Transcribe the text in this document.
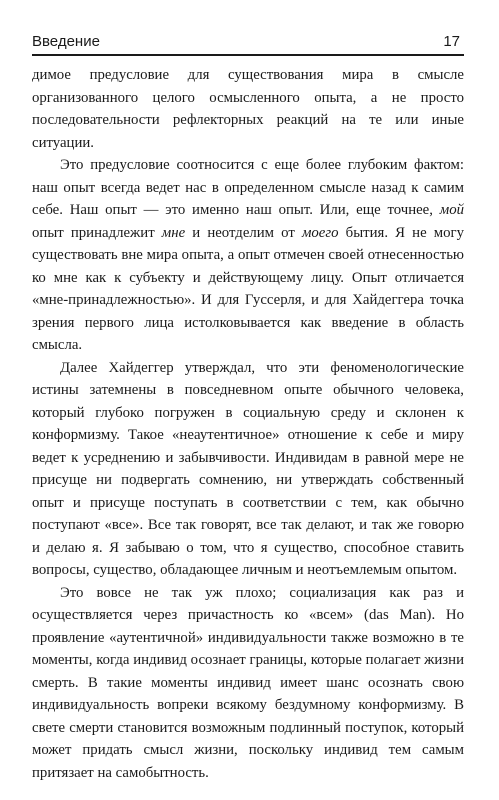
Введение	17

димое предусловие для существования мира в смысле организованного целого осмысленного опыта, а не просто последовательности рефлекторных реакций на те или иные ситуации.

Это предусловие соотносится с еще более глубоким фактом: наш опыт всегда ведет нас в определенном смысле назад к самим себе. Наш опыт — это именно наш опыт. Или, еще точнее, мой опыт принадлежит мне и неотделим от моего бытия. Я не могу существовать вне мира опыта, а опыт отмечен своей отнесенностью ко мне как к субъекту и действующему лицу. Опыт отличается «мне-принадлежностью». И для Гуссерля, и для Хайдеггера точка зрения первого лица истолковывается как введение в область смысла.

Далее Хайдеггер утверждал, что эти феноменологические истины затемнены в повседневном опыте обычного человека, который глубоко погружен в социальную среду и склонен к конформизму. Такое «неаутентичное» отношение к себе и миру ведет к усреднению и забывчивости. Индивидам в равной мере не присуще ни подвергать сомнению, ни утверждать собственный опыт и присуще поступать в соответствии с тем, как обычно поступают «все». Все так говорят, все так делают, и так же говорю и делаю я. Я забываю о том, что я существо, способное ставить вопросы, существо, обладающее личным и неотъемлемым опытом.

Это вовсе не так уж плохо; социализация как раз и осуществляется через причастность ко «всем» (das Man). Но проявление «аутентичной» индивидуальности также возможно в те моменты, когда индивид осознает границы, которые полагает жизни смерть. В такие моменты индивид имеет шанс осознать свою индивидуальность вопреки всякому бездумному конформизму. В свете смерти становится возможным подлинный поступок, который может придать смысл жизни, поскольку индивид тем самым притязает на самобытность.
